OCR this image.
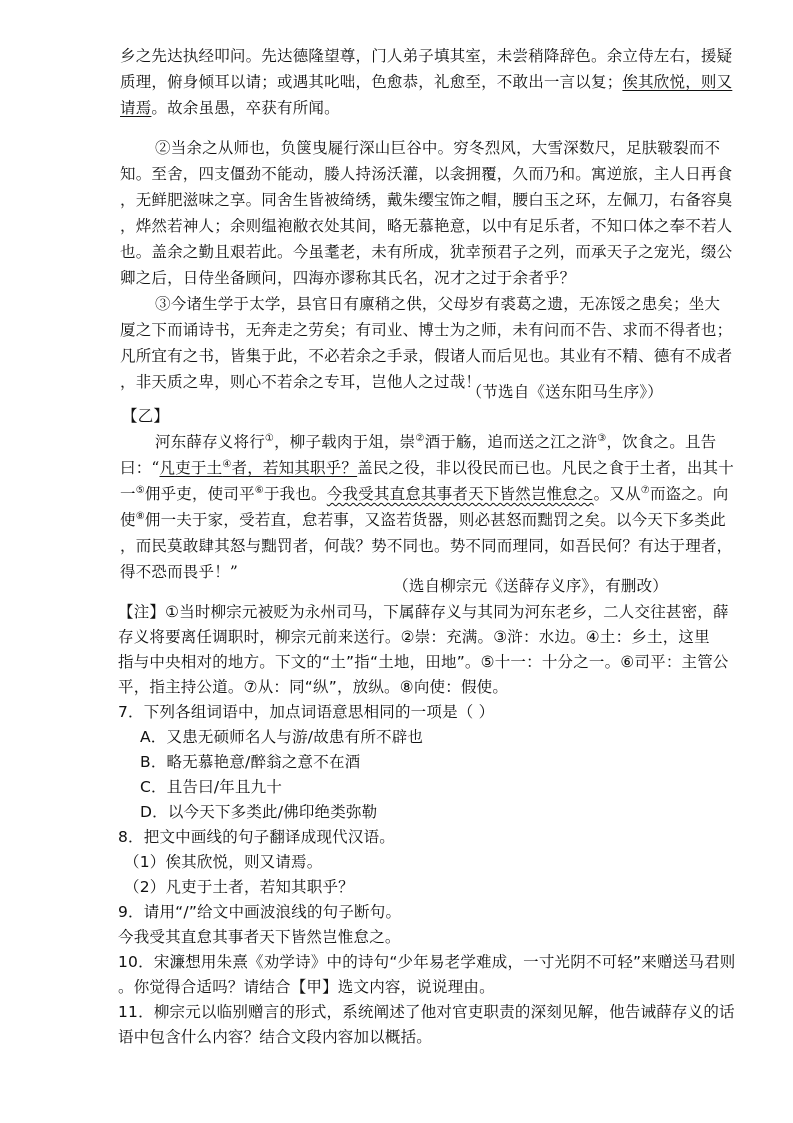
乡之先达执经叩问。先达德隆望尊，门人弟子填其室，未尝稍降辞色。余立侍左右，援疑
质理，俯身倾耳以请；或遇其叱咄，色愈恭，礼愈至，不敢出一言以复；俟其欣悦，则又
请焉。故余虽愚，卒获有所闻。
②当余之从师也，负箧曳屣行深山巨谷中。穷冬烈风，大雪深数尺，足肤皲裂而不
知。至舍，四支僵劲不能动，媵人持汤沃灌，以衾拥覆，久而乃和。寓逆旅，主人日再食
，无鲜肥滋味之享。同舍生皆被绮绣，戴朱缨宝饰之帽，腰白玉之环，左佩刀，右备容臭
，烨然若神人；余则缊袍敝衣处其间，略无慕艳意，以中有足乐者，不知口体之奉不若人
也。盖余之勤且艰若此。今虽耄老，未有所成，犹幸预君子之列，而承天子之宠光，缀公
卿之后，日侍坐备顾问，四海亦谬称其氏名，况才之过于余者乎？
③今诸生学于太学，县官日有廪稍之供，父母岁有裘葛之遗，无冻馁之患矣；坐大
厦之下而诵诗书，无奔走之劳矣；有司业、博士为之师，未有问而不告、求而不得者也；
凡所宜有之书，皆集于此，不必若余之手录，假诸人而后见也。其业有不精、德有不成者
，非天质之卑，则心不若余之专耳，岂他人之过哉！
（节选自《送东阳马生序》）
【乙】
河东薛存义将行①，柳子载肉于俎，崇②酒于觞，追而送之江之浒③，饮食之。且告
曰：“凡吏于土④者，若知其职乎？盖民之役，非以役民而已也。凡民之食于土者，出其十
一⑤佣乎吏，使司平⑥于我也。今我受其直怠其事者天下皆然岂惟怠之。又从⑦而盗之。向
使⑧佣一夫于家，受若直，怠若事，又盗若货器，则必甚怒而黜罚之矣。以今天下多类此
，而民莫敢肆其怒与黜罚者，何哉？势不同也。势不同而理同，如吾民何？有达于理者，
得不恐而畏乎！”
（选自柳宗元《送薛存义序》，有删改）
【注】①当时柳宗元被贬为永州司马，下属薛存义与其同为河东老乡，二人交往甚密，薛
存义将要离任调职时，柳宗元前来送行。②崇：充满。③浒：水边。④土：乡土，这里
指与中央相对的地方。下文的“土”指“土地，田地”。⑤十一：十分之一。⑥司平：主管公
平，指主持公道。⑦从：同“纵”，放纵。⑧向使：假使。
7．下列各组词语中，加点词语意思相同的一项是（ ）
A．又患无硕师名人与游/故患有所不辟也
B．略无慕艳意/醉翁之意不在酒
C．且告曰/年且九十
D．以今天下多类此/佛印绝类弥勒
8．把文中画线的句子翻译成现代汉语。
（1）俟其欣悦，则又请焉。
（2）凡吏于土者，若知其职乎？
9．请用“/”给文中画波浪线的句子断句。
今我受其直怠其事者天下皆然岂惟怠之。
10．宋濂想用朱熹《劝学诗》中的诗句“少年易老学难成，一寸光阴不可轻”来赠送马君则
。你觉得合适吗？请结合【甲】选文内容，说说理由。
11．柳宗元以临别赠言的形式，系统阐述了他对官吏职责的深刻见解，他告诫薛存义的话
语中包含什么内容？结合文段内容加以概括。
